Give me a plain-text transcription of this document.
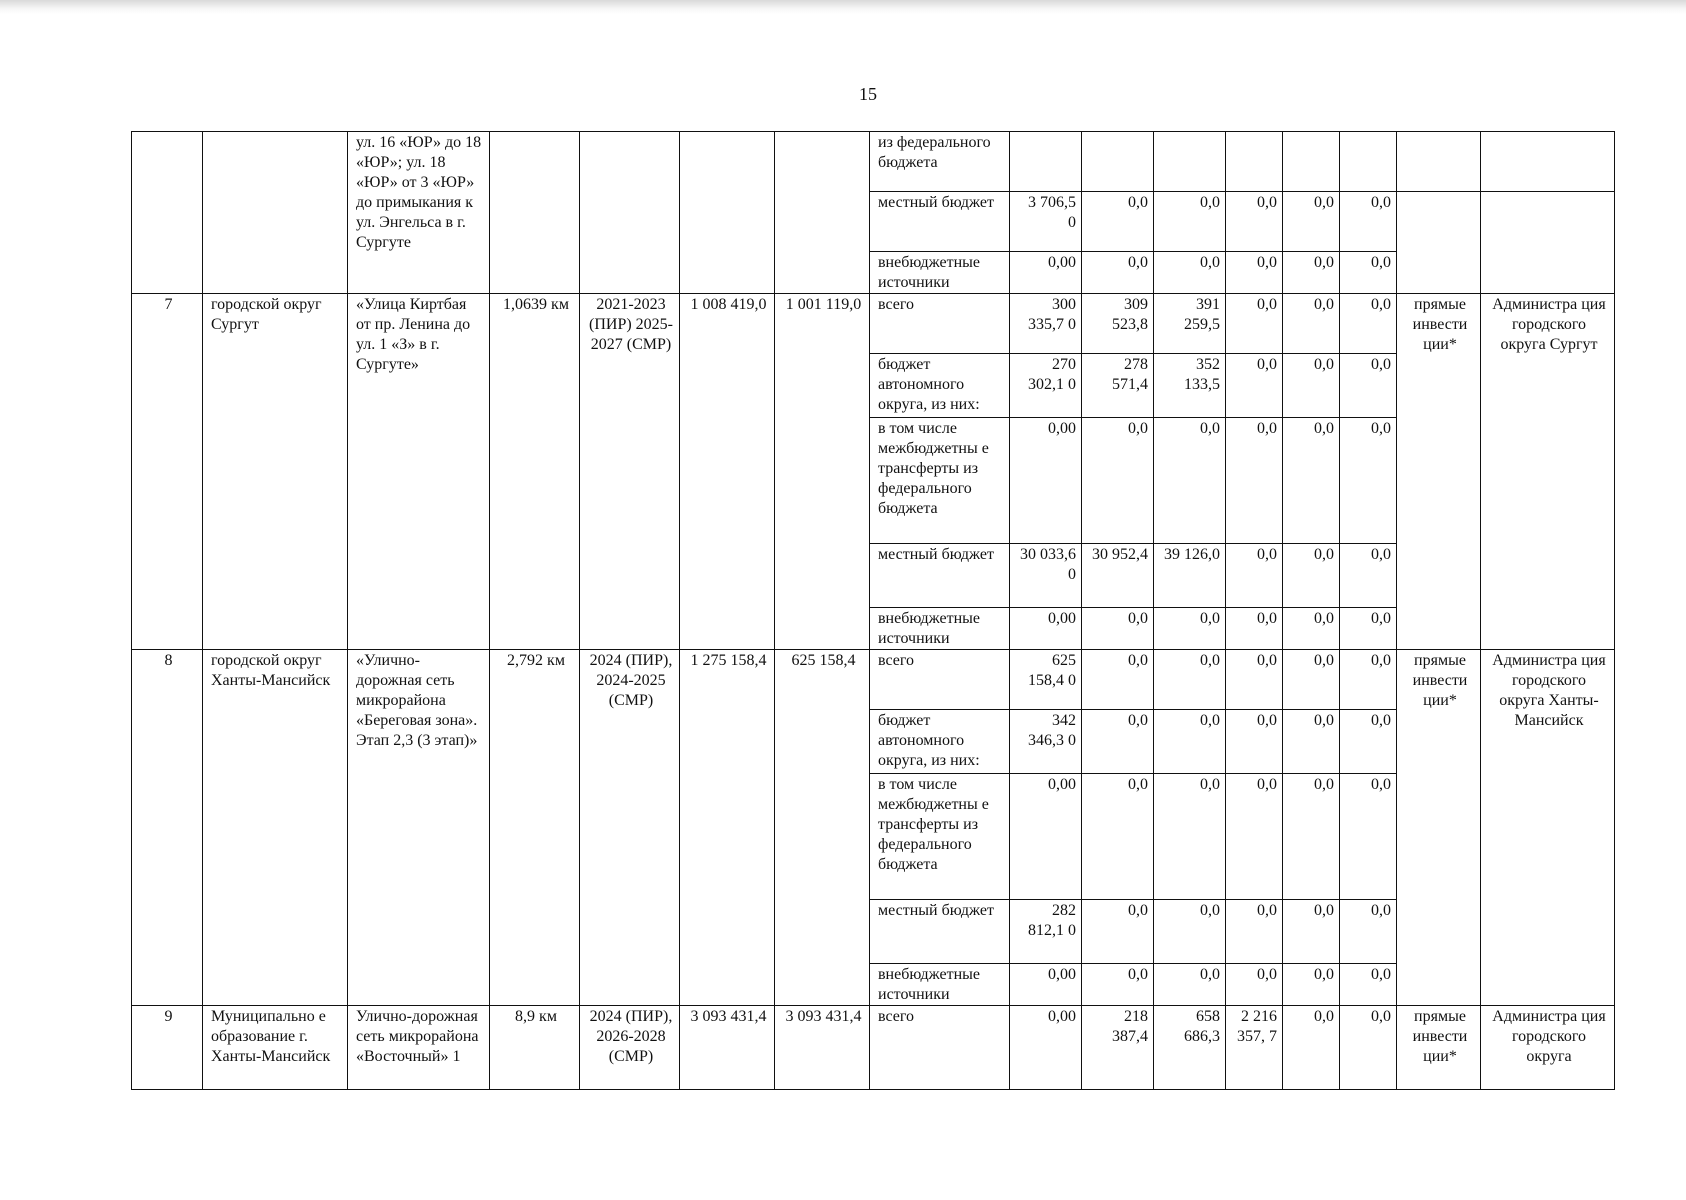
15
		ул. 16 «ЮР» до 18 «ЮР»; ул. 18 «ЮР» от 3 «ЮР» до примыкания к ул. Энгельса в г. Сургуте					из федерального бюджета								
							местный бюджет	3 706,5 0	0,0	0,0	0,0	0,0	0,0		
							внебюджетные источники	0,00	0,0	0,0	0,0	0,0	0,0		
7	городской округ Сургут	«Улица Киртбая от пр. Ленина до ул. 1 «З» в г. Сургуте»	1,0639 км	2021-2023 (ПИР) 2025-2027 (СМР)	1 008 419,0	1 001 119,0	всего	300 335,7 0	309 523,8	391 259,5	0,0	0,0	0,0	прямые инвести ции*	Администра ция городского округа Сургут
							бюджет автономного округа, из них:	270 302,1 0	278 571,4	352 133,5	0,0	0,0	0,0		
							в том числе межбюджетны е трансферты из федерального бюджета	0,00	0,0	0,0	0,0	0,0	0,0		
							местный бюджет	30 033,6 0	30 952,4	39 126,0	0,0	0,0	0,0		
							внебюджетные источники	0,00	0,0	0,0	0,0	0,0	0,0		
8	городской округ Ханты-Мансийск	«Улично-дорожная сеть микрорайона «Береговая зона». Этап 2,3 (3 этап)»	2,792 км	2024 (ПИР), 2024-2025 (СМР)	1 275 158,4	625 158,4	всего	625 158,4 0	0,0	0,0	0,0	0,0	0,0	прямые инвести ции*	Администра ция городского округа Ханты-Мансийск
							бюджет автономного округа, из них:	342 346,3 0	0,0	0,0	0,0	0,0	0,0		
							в том числе межбюджетны е трансферты из федерального бюджета	0,00	0,0	0,0	0,0	0,0	0,0		
							местный бюджет	282 812,1 0	0,0	0,0	0,0	0,0	0,0		
							внебюджетные источники	0,00	0,0	0,0	0,0	0,0	0,0		
9	Муниципально е образование г. Ханты-Мансийск	Улично-дорожная сеть микрорайона «Восточный» 1	8,9 км	2024 (ПИР), 2026-2028 (СМР)	3 093 431,4	3 093 431,4	всего	0,00	218 387,4	658 686,3	2 216 357, 7	0,0	0,0	прямые инвести ции*	Администра ция городского округа
